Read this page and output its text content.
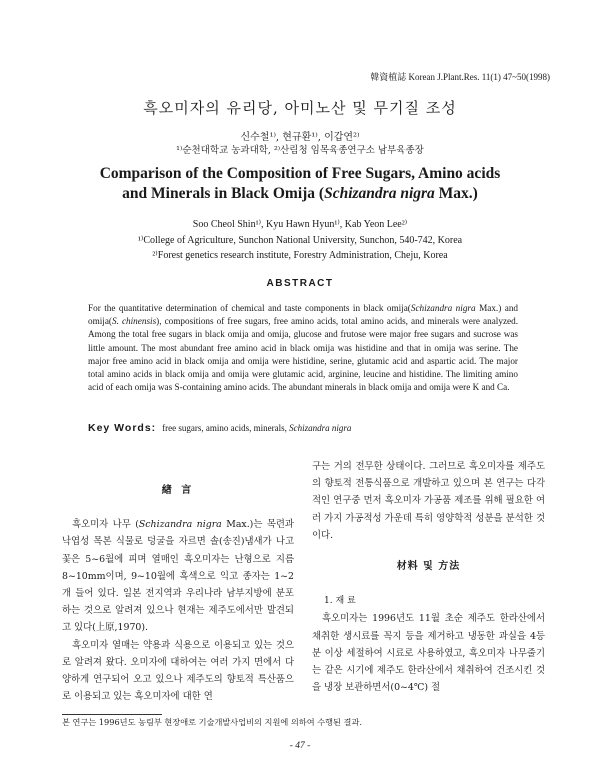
韓資植誌 Korean J.Plant.Res. 11(1) 47~50(1998)
흑오미자의 유리당, 아미노산 및 무기질 조성
신수철¹⁾, 현규환¹⁾, 이갑연²⁾
¹⁾순천대학교 농과대학, ²⁾산림청 임목육종연구소 남부육종장
Comparison of the Composition of Free Sugars, Amino acids
and Minerals in Black Omija (Schizandra nigra Max.)
Soo Cheol Shin¹⁾, Kyu Hawn Hyun¹⁾, Kab Yeon Lee²⁾
¹⁾College of Agriculture, Sunchon National University, Sunchon, 540-742, Korea
²⁾Forest genetics research institute, Forestry Administration, Cheju, Korea
ABSTRACT
For the quantitative determination of chemical and taste components in black omija(Schizandra nigra Max.) and omija(S. chinensis), compositions of free sugars, free amino acids, total amino acids, and minerals were analyzed. Among the total free sugars in black omija and omija, glucose and frutose were major free sugars and sucrose was little amount. The most abundant free amino acid in black omija was histidine and that in omija was serine. The major free amino acid in black omija and omija were histidine, serine, glutamic acid and aspartic acid. The major total amino acids in black omija and omija were glutamic acid, arginine, leucine and histidine. The limiting amino acid of each omija was S-containing amino acids. The abundant minerals in black omija and omija were K and Ca.
Key Words: free sugars, amino acids, minerals, Schizandra nigra

緖 言

흑오미자 나무 (Schizandra nigra Max.)는 목련과 낙엽성 목본 식물로 덩굴을 자르면 솔(송진)냄새가 나고 꽃은 5~6월에 피며 열매인 흑오미자는 난형으로 지름 8~10mm이며, 9~10월에 흑색으로 익고 종자는 1~2개 들어 있다. 일본 전지역과 우리나라 남부지방에 분포하는 것으로 알려져 있으나 현재는 제주도에서만 발견되고 있다(上原,1970).

흑오미자 열매는 약용과 식용으로 이용되고 있는 것으로 알려져 왔다. 오미자에 대하여는 여러 가지 면에서 다양하게 연구되어 오고 있으나 제주도의 향토적 특산품으로 이용되고 있는 흑오미자에 대한 연

구는 거의 전무한 상태이다. 그러므로 흑오미자를 제주도의 향토적 전통식품으로 개발하고 있으며 본 연구는 다각적인 연구중 먼저 흑오미자 가공품 제조를 위해 필요한 여러 가지 가공적성 가운데 특히 영양학적 성분을 분석한 것이다.

材料 및 方法

1. 재 료

흑오미자는 1996년도 11월 초순 제주도 한라산에서 채취한 생시료를 꼭지 등을 제거하고 냉동한 과실을 4등분 이상 세절하여 시료로 사용하였고, 흑오미자 나무줄기는 같은 시기에 제주도 한라산에서 채취하여 건조시킨 것을 냉장 보관하면서(0~4℃) 절

본 연구는 1996년도 농림부 현장애로 기술개발사업비의 지원에 의하여 수행된 결과.
- 47 -
